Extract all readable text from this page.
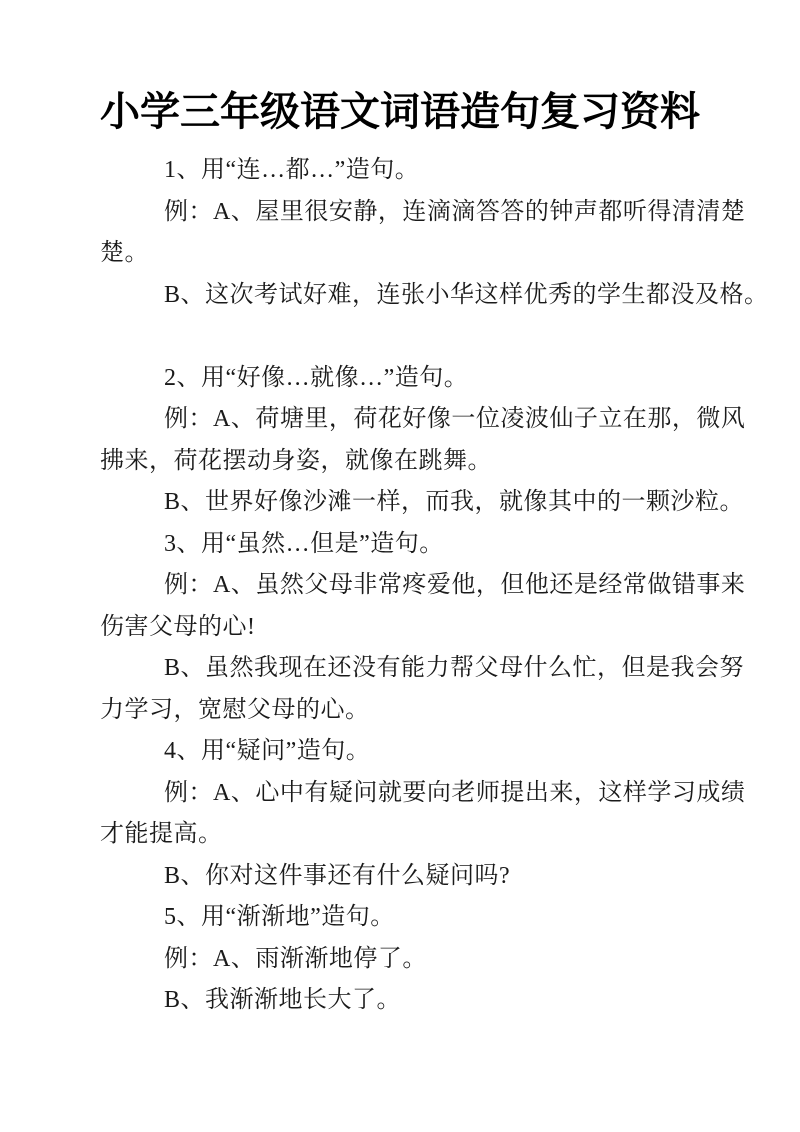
小学三年级语文词语造句复习资料
1、用“连…都…”造句。
例：A、屋里很安静，连滴滴答答的钟声都听得清清楚
楚。
B、这次考试好难，连张小华这样优秀的学生都没及格。
2、用“好像…就像…”造句。
例：A、荷塘里，荷花好像一位凌波仙子立在那，微风
拂来，荷花摆动身姿，就像在跳舞。
B、世界好像沙滩一样，而我，就像其中的一颗沙粒。
3、用“虽然…但是”造句。
例：A、虽然父母非常疼爱他，但他还是经常做错事来
伤害父母的心!
B、虽然我现在还没有能力帮父母什么忙，但是我会努
力学习，宽慰父母的心。
4、用“疑问”造句。
例：A、心中有疑问就要向老师提出来，这样学习成绩
才能提高。
B、你对这件事还有什么疑问吗?
5、用“渐渐地”造句。
例：A、雨渐渐地停了。
B、我渐渐地长大了。
